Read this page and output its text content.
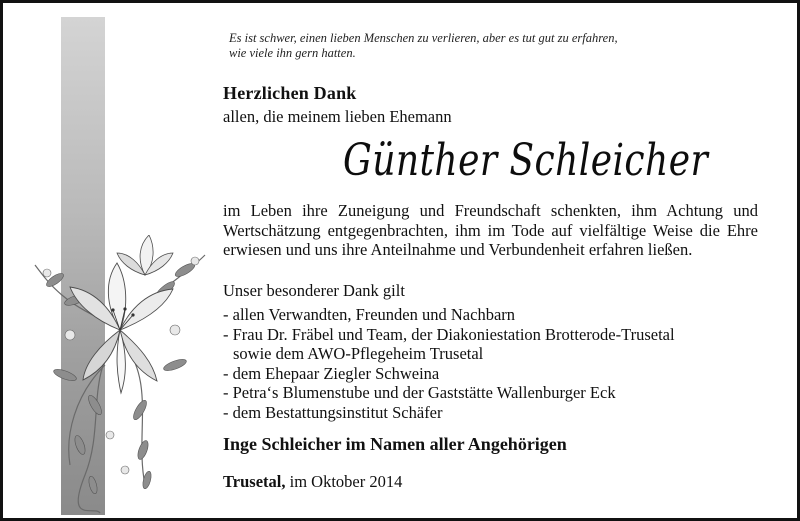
Es ist schwer, einen lieben Menschen zu verlieren, aber es tut gut zu erfahren,
wie viele ihn gern hatten.
Herzlichen Dank
allen, die meinem lieben Ehemann
Günther Schleicher
im Leben ihre Zuneigung und Freundschaft schenkten, ihm Achtung und Wertschätzung entgegenbrachten, ihm im Tode auf vielfältige Weise die Ehre erwiesen und uns ihre Anteilnahme und Verbundenheit erfahren ließen.
Unser besonderer Dank gilt
- allen Verwandten, Freunden und Nachbarn
- Frau Dr. Fräbel und Team, der Diakoniestation Brotterode-Trusetal
sowie dem AWO-Pflegeheim Trusetal
- dem Ehepaar Ziegler Schweina
- Petra‘s Blumenstube und der Gaststätte Wallenburger Eck
- dem Bestattungsinstitut Schäfer
Inge Schleicher im Namen aller Angehörigen
Trusetal, im Oktober 2014
